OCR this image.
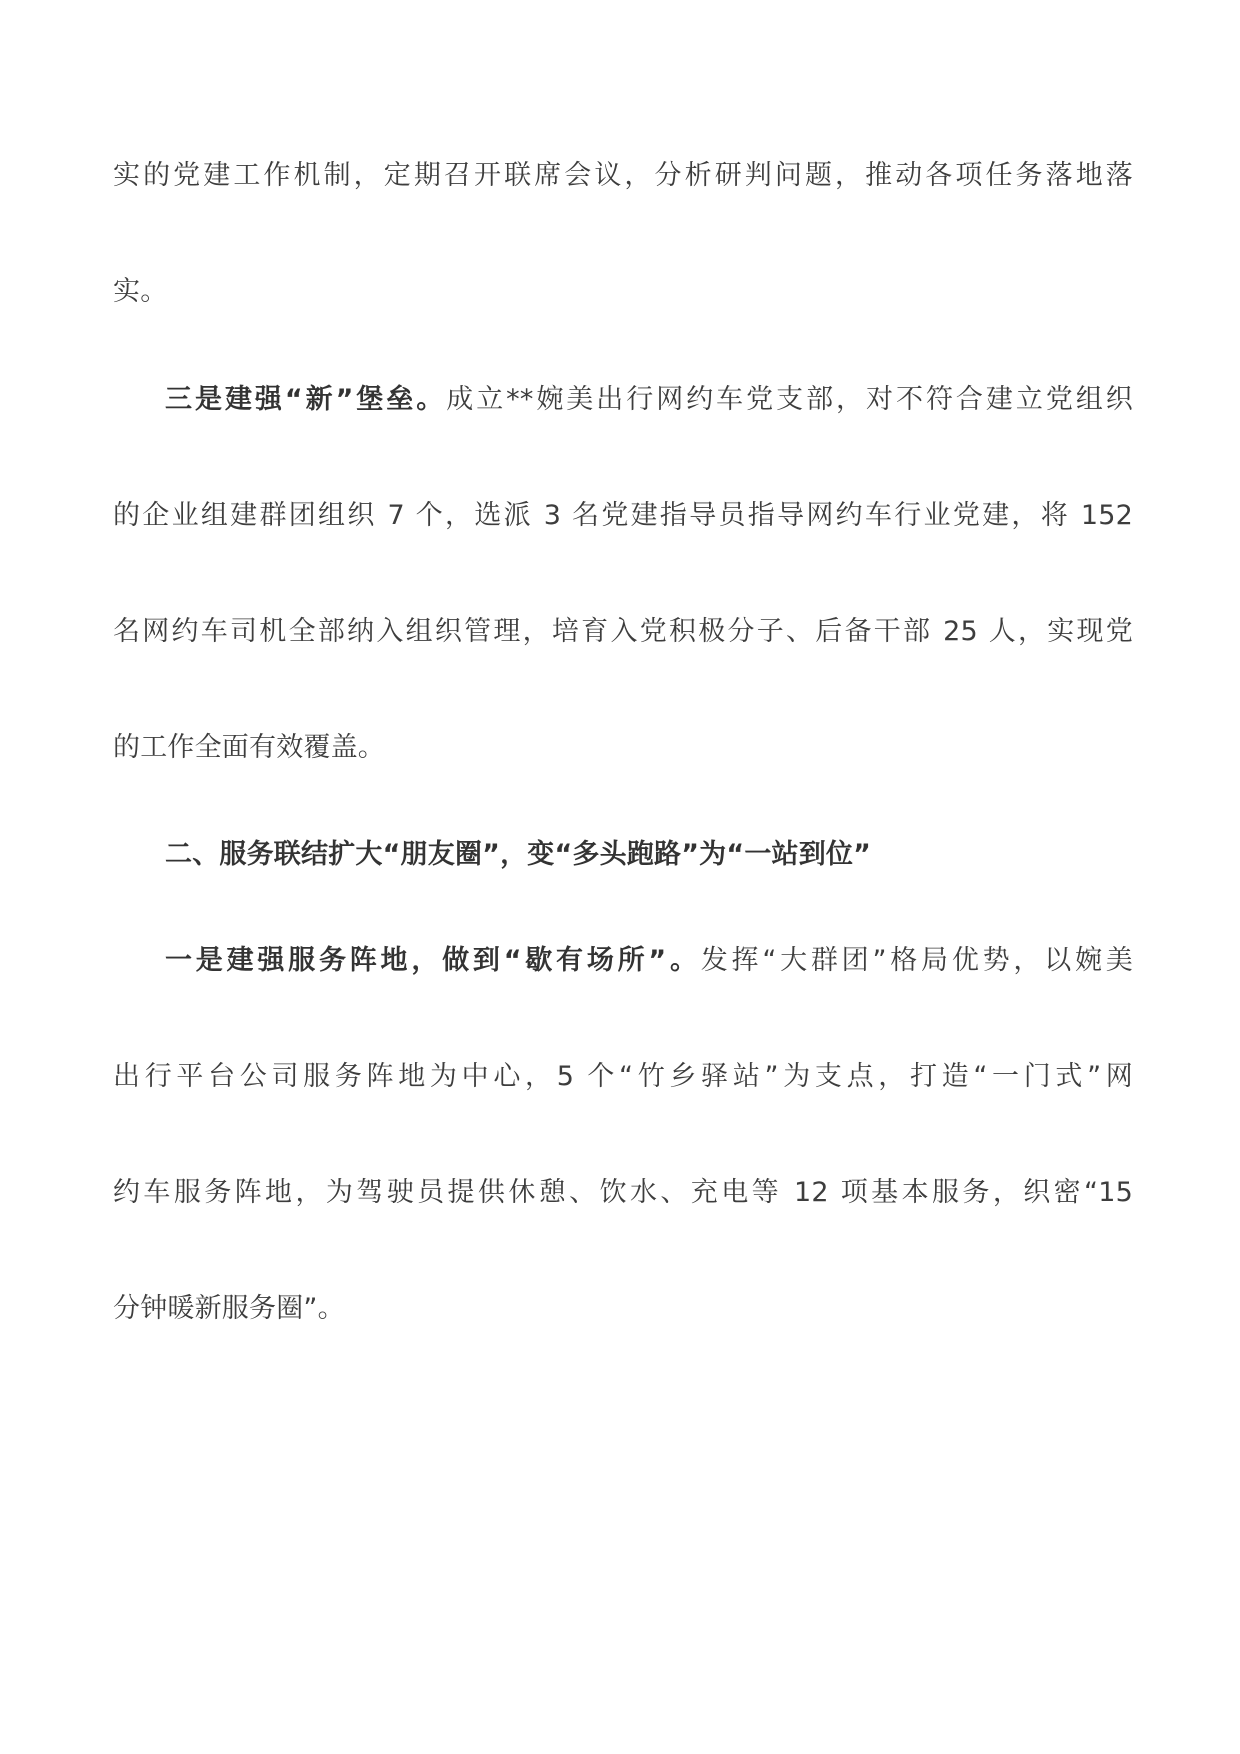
实的党建工作机制，定期召开联席会议，分析研判问题，推动各项任务落地落
实。
三是建强“新”堡垒。成立**婉美出行网约车党支部，对不符合建立党组织
的企业组建群团组织 7 个，选派 3 名党建指导员指导网约车行业党建，将 152
名网约车司机全部纳入组织管理，培育入党积极分子、后备干部 25 人，实现党
的工作全面有效覆盖。
二、服务联结扩大“朋友圈”，变“多头跑路”为“一站到位”
一是建强服务阵地，做到“歇有场所”。发挥“大群团”格局优势，以婉美
出行平台公司服务阵地为中心，5 个“竹乡驿站”为支点，打造“一门式”网
约车服务阵地，为驾驶员提供休憩、饮水、充电等 12 项基本服务，织密“15
分钟暖新服务圈”。
